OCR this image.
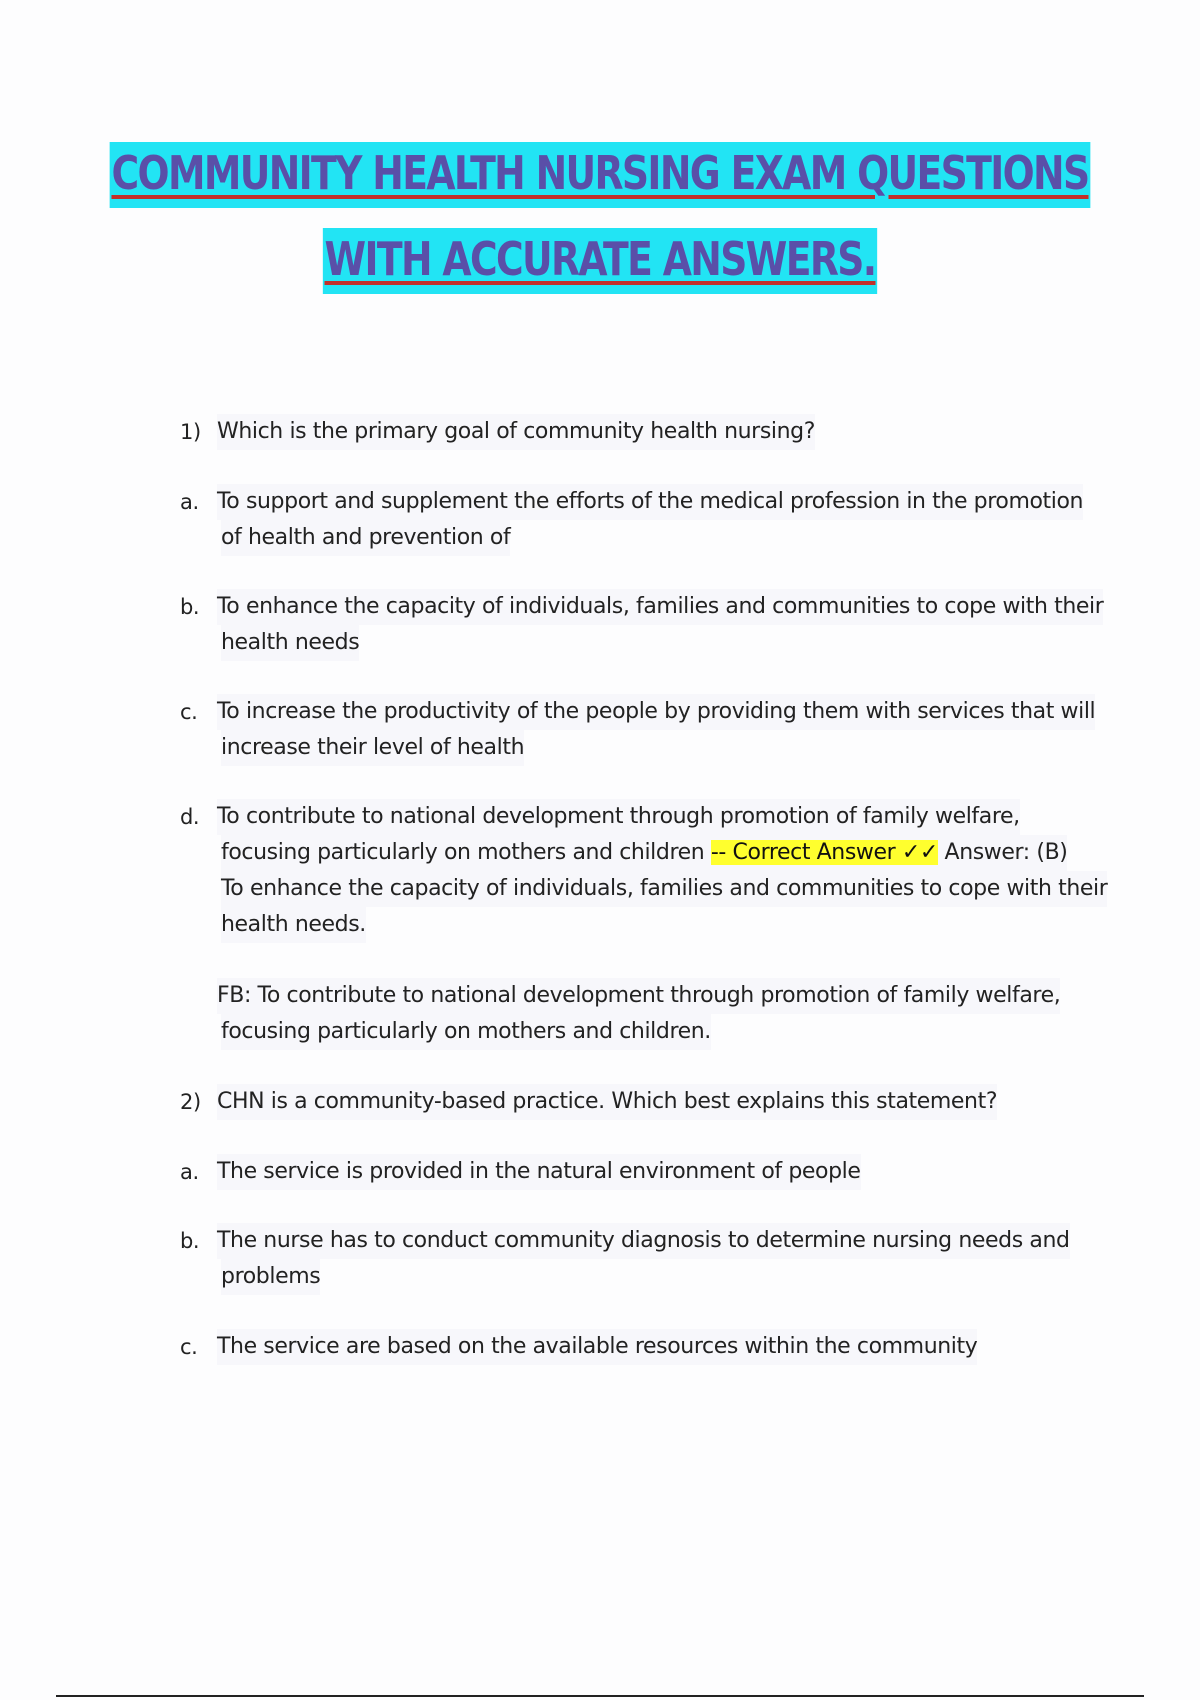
COMMUNITY HEALTH NURSING EXAM QUESTIONS
WITH ACCURATE ANSWERS.
1) Which is the primary goal of community health nursing?
a. To support and supplement the efforts of the medical profession in the promotion
of health and prevention of
b. To enhance the capacity of individuals, families and communities to cope with their
health needs
c. To increase the productivity of the people by providing them with services that will
increase their level of health
d. To contribute to national development through promotion of family welfare,
focusing particularly on mothers and children -- Correct Answer ✓✓ Answer: (B)
To enhance the capacity of individuals, families and communities to cope with their
health needs.
FB: To contribute to national development through promotion of family welfare,
focusing particularly on mothers and children.
2) CHN is a community-based practice. Which best explains this statement?
a. The service is provided in the natural environment of people
b. The nurse has to conduct community diagnosis to determine nursing needs and
problems
c. The service are based on the available resources within the community
